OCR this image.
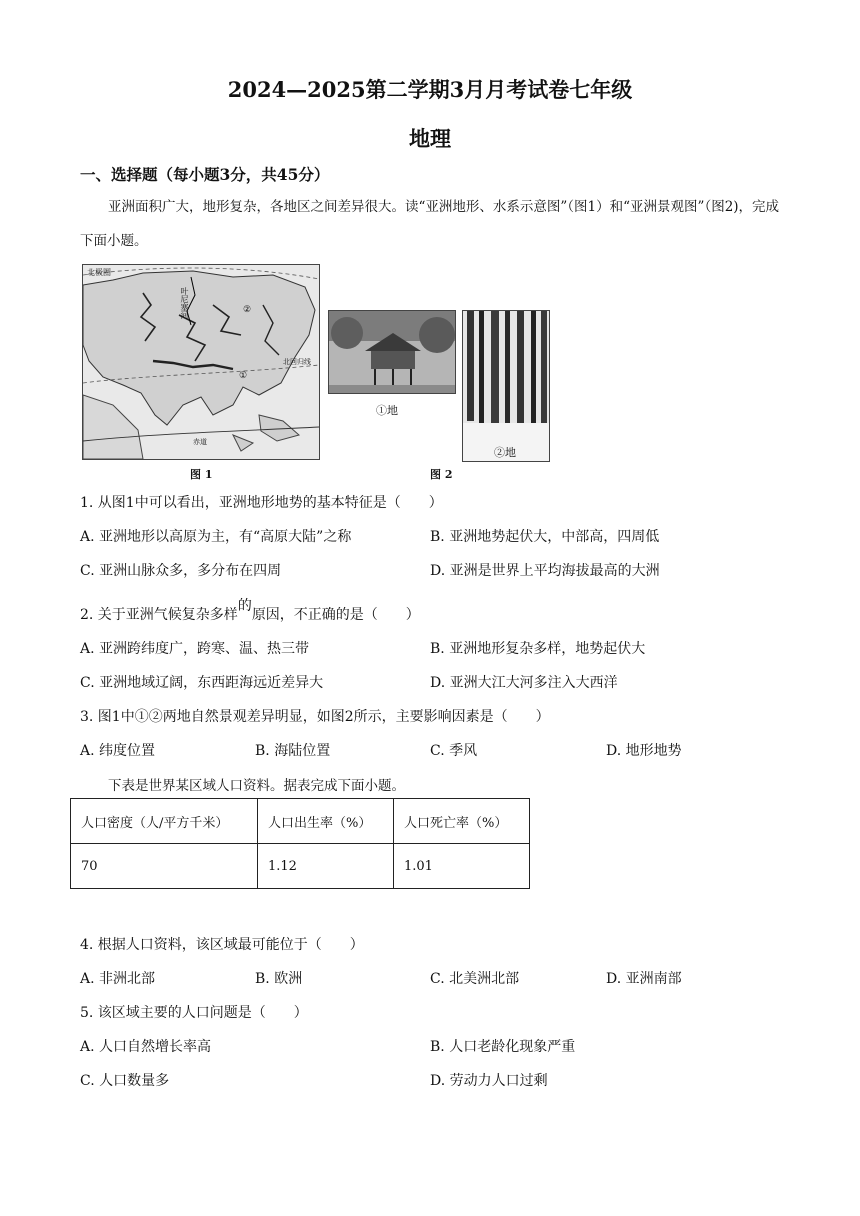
2024—2025第二学期3月月考试卷七年级
地理
一、选择题（每小题3分，共45分）
亚洲面积广大，地形复杂，各地区之间差异很大。读“亚洲地形、水系示意图”（图1）和“亚洲景观图”（图2)，完成下面小题。
北极圈
叶尼塞河
北回归线
赤道
①
②
图 1
①地
②地
图 2
1. 从图1中可以看出，亚洲地形地势的基本特征是（　　）
A. 亚洲地形以高原为主，有“高原大陆”之称	B. 亚洲地势起伏大，中部高，四周低
C. 亚洲山脉众多，多分布在四周	D. 亚洲是世界上平均海拔最高的大洲
2. 关于亚洲气候复杂多样的原因，不正确的是（　　）
A. 亚洲跨纬度广，跨寒、温、热三带	B. 亚洲地形复杂多样，地势起伏大
C. 亚洲地域辽阔，东西距海远近差异大	D. 亚洲大江大河多注入大西洋
3. 图1中①②两地自然景观差异明显，如图2所示，主要影响因素是（　　）
A. 纬度位置	B. 海陆位置	C. 季风	D. 地形地势
下表是世界某区域人口资料。据表完成下面小题。
人口密度（人/平方千米）	人口出生率（%）	人口死亡率（%）
70	1.12	1.01
4. 根据人口资料，该区域最可能位于（　　）
A. 非洲北部	B. 欧洲	C. 北美洲北部	D. 亚洲南部
5. 该区域主要的人口问题是（　　）
A. 人口自然增长率高	B. 人口老龄化现象严重
C. 人口数量多	D. 劳动力人口过剩
